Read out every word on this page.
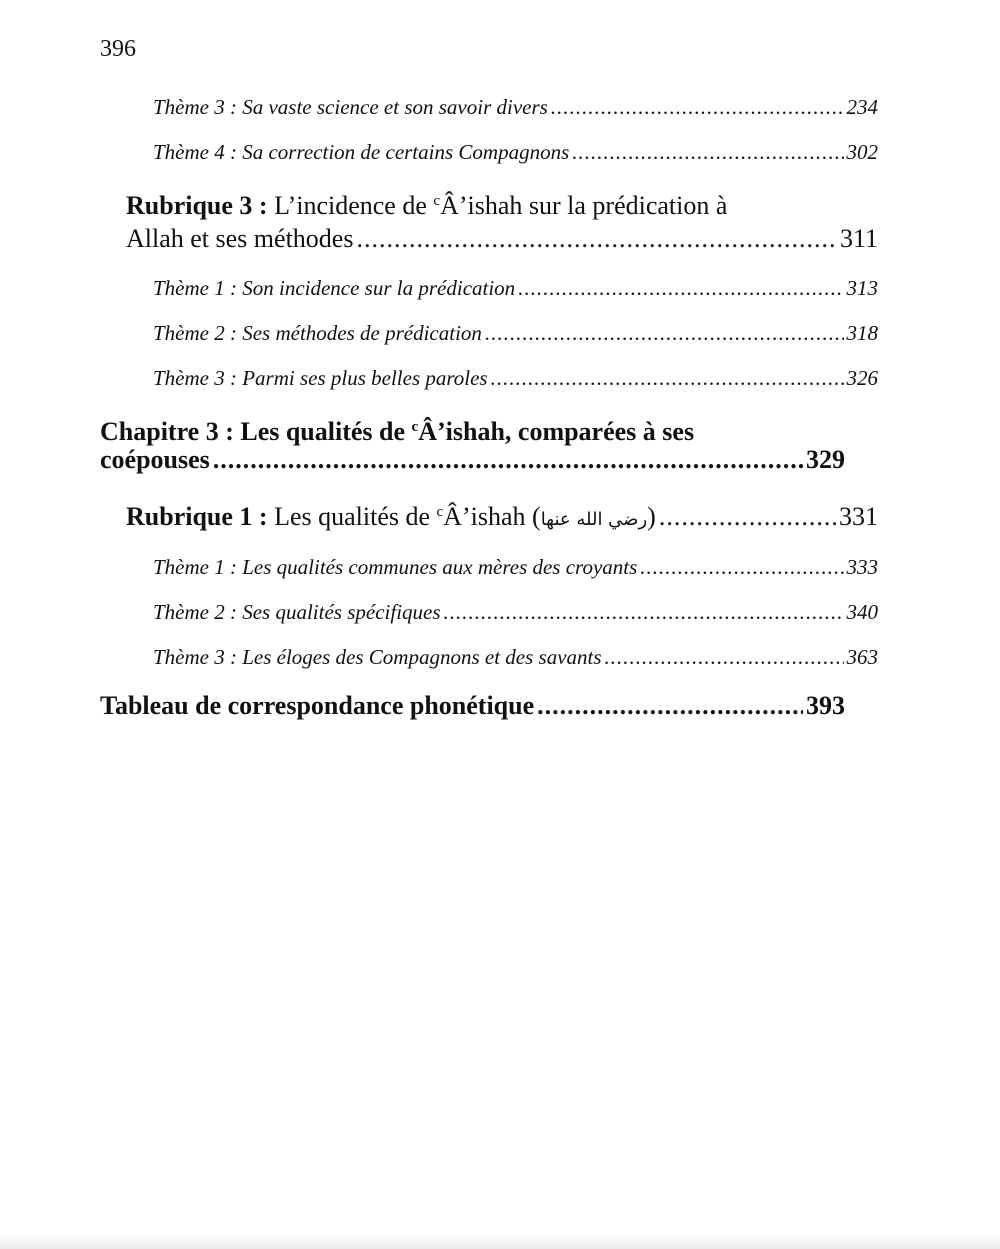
396
Thème 3 : Sa vaste science et son savoir divers .....	234
Thème 4 : Sa correction de certains Compagnons .....	302
Rubrique 3 : L’incidence de $^c$Â’ishah sur la prédication à
Allah et ses méthodes .....	311
Thème 1 : Son incidence sur la prédication .....	313
Thème 2 : Ses méthodes de prédication .....	318
Thème 3 : Parmi ses plus belles paroles .....	326
Chapitre 3 : Les qualités de $^c$Â’ishah, comparées à ses
coépouses .....	329
Rubrique 1 : Les qualités de $^c$Â’ishah (رضي الله عنها) .....	331
Thème 1 : Les qualités communes aux mères des croyants .....	333
Thème 2 : Ses qualités spécifiques .....	340
Thème 3 : Les éloges des Compagnons et des savants .....	363
Tableau de correspondance phonétique .....	393
